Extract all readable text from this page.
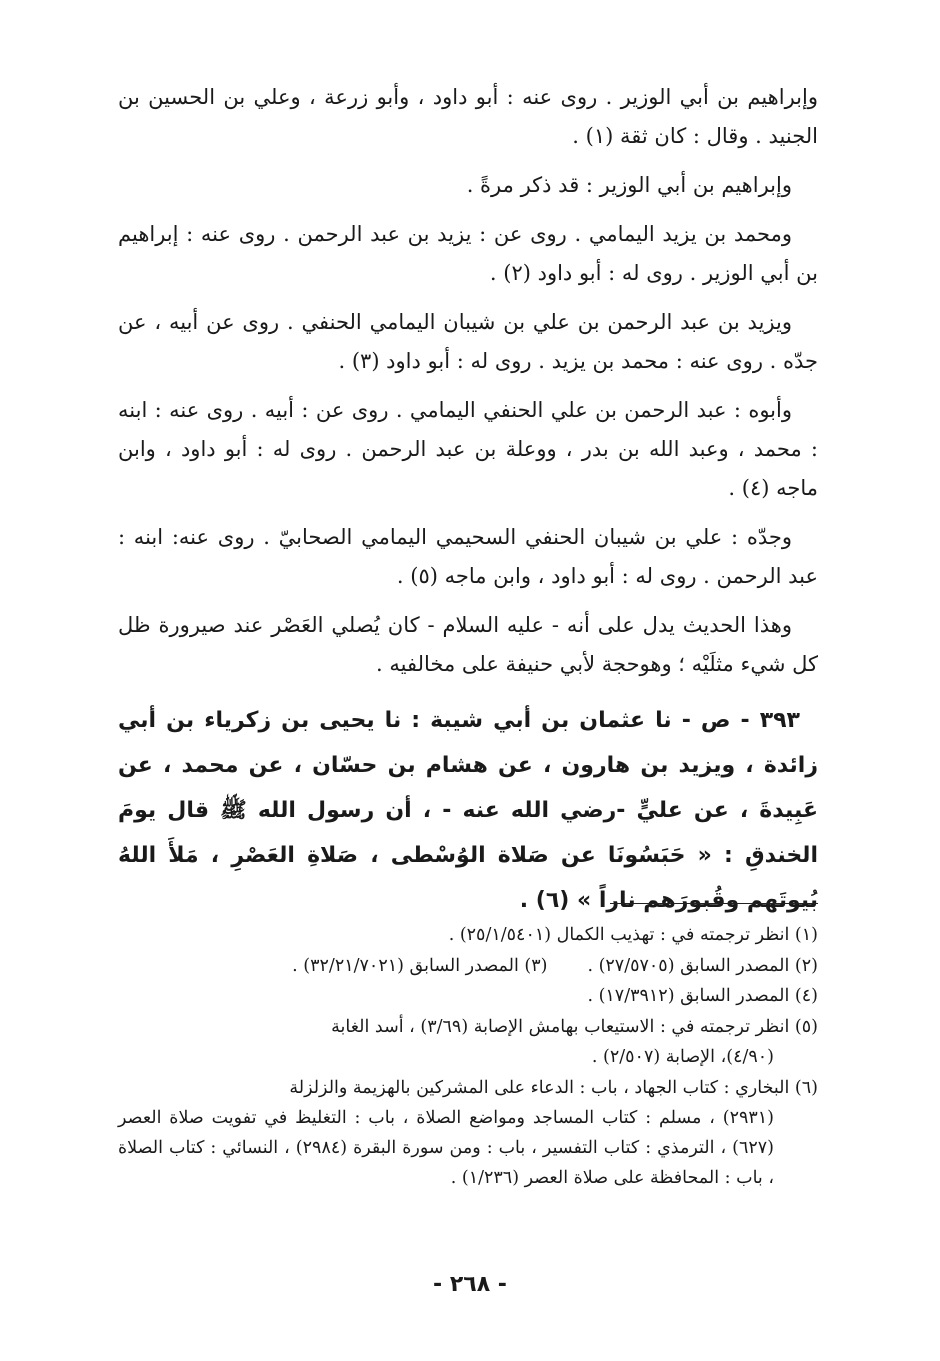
وإبراهيم بن أبي الوزير . روى عنه : أبو داود ، وأبو زرعة ، وعلي بن الحسين بن الجنيد . وقال : كان ثقة (١) .

وإبراهيم بن أبي الوزير : قد ذكر مرةً .

ومحمد بن يزيد اليمامي . روى عن : يزيد بن عبد الرحمن . روى عنه : إبراهيم بن أبي الوزير . روى له : أبو داود (٢) .

ويزيد بن عبد الرحمن بن علي بن شيبان اليمامي الحنفي . روى عن أبيه ، عن جدّه . روى عنه : محمد بن يزيد . روى له : أبو داود (٣) .

وأبوه : عبد الرحمن بن علي الحنفي اليمامي . روى عن : أبيه . روى عنه : ابنه : محمد ، وعبد الله بن بدر ، ووعلة بن عبد الرحمن . روى له : أبو داود ، وابن ماجه (٤) .

وجدّه : علي بن شيبان الحنفي السحيمي اليمامي الصحابيّ . روى عنه: ابنه : عبد الرحمن . روى له : أبو داود ، وابن ماجه (٥) .

وهذا الحديث يدل على أنه - عليه السلام - كان يُصلي العَصْر عند صيرورة ظل كل شيء مثلَيْه ؛ وهوحجة لأبي حنيفة على مخالفيه .

٣٩٣ - ص - نا عثمان بن أبي شيبة : نا يحيى بن زكرياء بن أبي زائدة ، ويزيد بن هارون ، عن هشام بن حسّان ، عن محمد ، عن عَبِيدةَ ، عن عليٍّ -رضي الله عنه - ، أن رسول الله ﷺ قال يومَ الخندقِ : « حَبَسُونَا عن صَلاة الوُسْطى ، صَلاةِ العَصْرِ ، مَلأَ اللهُ بُيوتَهم وقُبورَهم ناراً » (٦) .

(١) انظر ترجمته في : تهذيب الكمال (٢٥/١/٥٤٠١) .
(٢) المصدر السابق (٢٧/٥٧٠٥) .
(٣) المصدر السابق (٣٢/٢١/٧٠٢١) .
(٤) المصدر السابق (١٧/٣٩١٢) .
(٥) انظر ترجمته في : الاستيعاب بهامش الإصابة (٣/٦٩) ، أسد الغابة
(٤/٩٠)، الإصابة (٢/٥٠٧) .
(٦) البخاري : كتاب الجهاد ، باب : الدعاء على المشركين بالهزيمة والزلزلة
(٢٩٣١) ، مسلم : كتاب المساجد ومواضع الصلاة ، باب : التغليظ في تفويت صلاة العصر (٦٢٧) ، الترمذي : كتاب التفسير ، باب : ومن سورة البقرة (٢٩٨٤) ، النسائي : كتاب الصلاة ، باب : المحافظة على صلاة العصر (١/٢٣٦) .
- ٢٦٨ -
